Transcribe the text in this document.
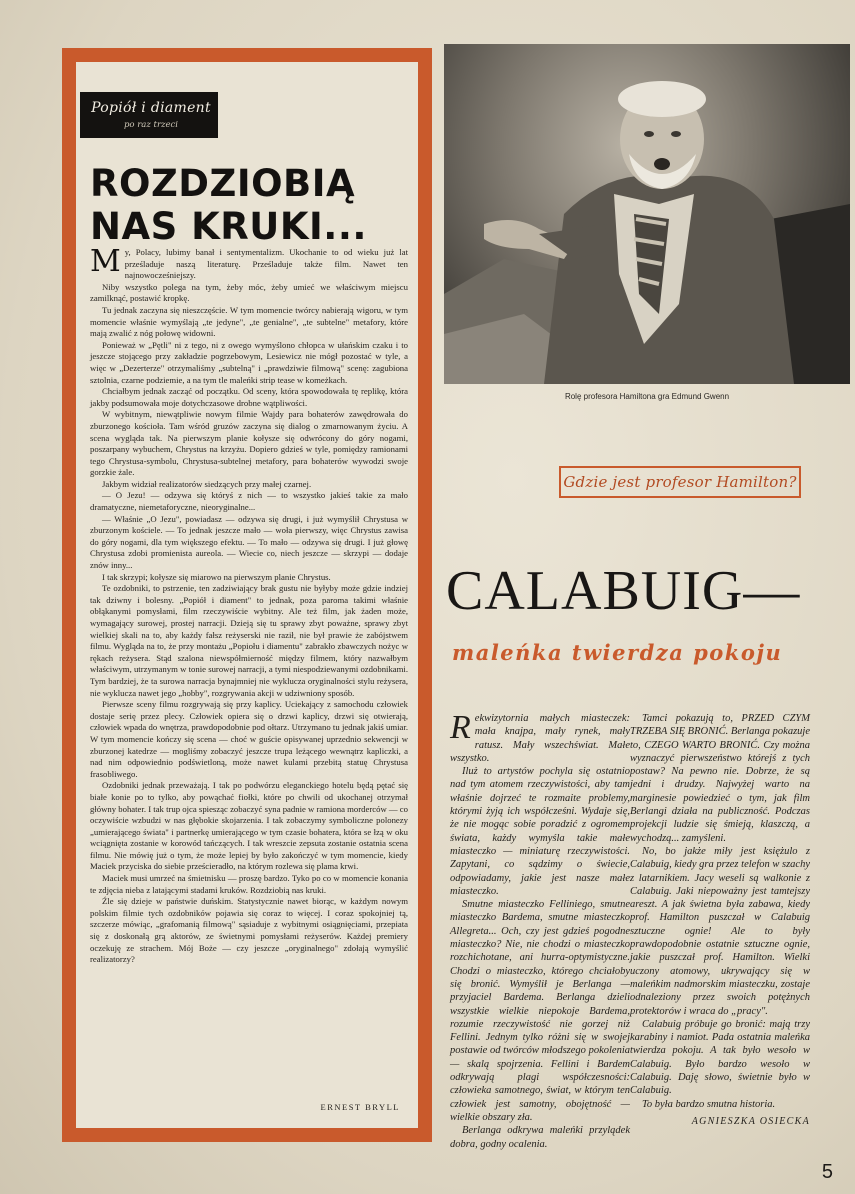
Popiół i diament
po raz trzeci
ROZDZIOBIĄ NAS KRUKI...

My, Polacy, lubimy banał i sentymentalizm. Ukochanie to od wieku już lat prześladuje naszą literaturę. Prześladuje także film. Nawet ten najnowocześniejszy.

Niby wszystko polega na tym, żeby móc, żeby umieć we właściwym miejscu zamilknąć, postawić kropkę.

Tu jednak zaczyna się nieszczęście. W tym momencie twórcy nabierają wigoru, w tym momencie właśnie wymyślają „te jedyne", „te genialne", „te subtelne" metafory, które mają zwalić z nóg połowę widowni.

Ponieważ w „Pętli" ni z tego, ni z owego wymyślono chłopca w ułańskim czaku i to jeszcze stojącego przy zakładzie pogrzebowym, Lesiewicz nie mógł pozostać w tyle, a więc w „Dezerterze" otrzymaliśmy „subtelną" i „prawdziwie filmową" scenę: zagubiona sztolnia, czarne podziemie, a na tym tle maleńki strip tease w komeżkach.

Chciałbym jednak zacząć od początku. Od sceny, która spowodowała tę replikę, która jakby podsumowała moje dotychczasowe drobne wątpliwości.

W wybitnym, niewątpliwie nowym filmie Wajdy para bohaterów zawędrowała do zburzonego kościoła. Tam wśród gruzów zaczyna się dialog o zmarnowanym życiu. A scena wygląda tak. Na pierwszym planie kołysze się odwrócony do góry nogami, poszarpany wybuchem, Chrystus na krzyżu. Dopiero gdzieś w tyle, pomiędzy ramionami tego Chrystusa-symbolu, Chrystusa-subtelnej metafory, para bohaterów wywodzi swoje gorzkie żale.

Jakbym widział realizatorów siedzących przy małej czarnej.

— O Jezu! — odzywa się któryś z nich — to wszystko jakieś takie za mało dramatyczne, niemetaforyczne, nieoryginalne...

— Właśnie „O Jezu", powiadasz — odzywa się drugi, i już wymyślił Chrystusa w zburzonym kościele. — To jednak jeszcze mało — woła pierwszy, więc Chrystus zawisa do góry nogami, dla tym większego efektu. — To mało — odzywa się drugi. I już głowę Chrystusa zdobi promienista aureola. — Wiecie co, niech jeszcze — skrzypi — dodaje znów inny...

I tak skrzypi; kołysze się miarowo na pierwszym planie Chrystus.

Te ozdobniki, to pstrzenie, ten zadziwiający brak gustu nie byłyby może gdzie indziej tak dziwny i bolesny. „Popiół i diament" to jednak, poza paroma takimi właśnie obłąkanymi pomysłami, film rzeczywiście wybitny. Ale też film, jak żaden może, wymagający surowej, prostej narracji. Dzieją się tu sprawy zbyt poważne, sprawy zbyt wielkiej skali na to, aby każdy fałsz reżyserski nie raził, nie był prawie że zabójstwem filmu. Wygląda na to, że przy montażu „Popiołu i diamentu" zabrakło zbawczych nożyc w rękach reżysera. Stąd szalona niewspółmierność między filmem, który nazwałbym właściwym, utrzymanym w tonie surowej narracji, a tymi niespodziewanymi ozdobnikami. Tym bardziej, że ta surowa narracja bynajmniej nie wyklucza oryginalności stylu reżysera, nie wyklucza nawet jego „hobby", rozgrywania akcji w udziwniony sposób.

Pierwsze sceny filmu rozgrywają się przy kaplicy. Uciekający z samochodu człowiek dostaje serię przez plecy. Człowiek opiera się o drzwi kaplicy, drzwi się otwierają, człowiek wpada do wnętrza, prawdopodobnie pod ołtarz. Utrzymano tu jednak jakiś umiar. W tym momencie kończy się scena — choć w guście opisywanej uprzednio sekwencji w zburzonej katedrze — mogliśmy zobaczyć jeszcze trupa leżącego wewnątrz kapliczki, a nad nim odpowiednio podświetloną, może nawet kulami przebitą statuę Chrystusa frasobliwego.

Ozdobniki jednak przeważają. I tak po podwórzu eleganckiego hotelu będą pętać się białe konie po to tylko, aby powąchać fiołki, które po chwili od ukochanej otrzymał główny bohater. I tak trup ojca spiesząc zobaczyć syna padnie w ramiona morderców — co oczywiście wzbudzi w nas głębokie skojarzenia. I tak zobaczymy symboliczne polonezy „umierającego świata" i partnerkę umierającego w tym czasie bohatera, która se łzą w oku wciągnięta zostanie w korowód tańczących. I tak wreszcie zepsuta zostanie ostatnia scena filmu. Nie mówię już o tym, że może lepiej by było zakończyć w tym momencie, kiedy Maciek przyciska do siebie prześcieradło, na którym rozlewa się plama krwi.

Maciek musi umrzeć na śmietnisku — proszę bardzo. Tyko po co w momencie konania te zdjęcia nieba z latającymi stadami kruków. Rozdziobią nas kruki.

Źle się dzieje w państwie duńskim. Statystycznie nawet biorąc, w każdym nowym polskim filmie tych ozdobników pojawia się coraz to więcej. I coraz spokojniej tą, szczerze mówiąc, „grafomanią filmową" sąsiaduje z wybitnymi osiągnięciami, przepiata się z doskonałą grą aktorów, ze świetnymi pomysłami reżyserów. Każdej premiery oczekuję ze strachem. Mój Boże — czy jeszcze „oryginalnego" zdołają wymyślić realizatorzy?

ERNEST BRYLL
Rolę profesora Hamiltona gra Edmund Gwenn
Gdzie jest profesor Hamilton?
CALABUIG—
maleńka twierdza pokoju

Rekwizytornia małych miasteczek: mała knajpa, mały rynek, mały ratusz. Mały wszechświat. Małe wszystko.

Iluż to artystów pochyla się ostatnio nad tym atomem rzeczywistości, aby tam właśnie dojrzeć te rozmaite problemy, którymi żyją ich współcześni. Wydaje się, że nie mogąc sobie poradzić z ogromem świata, każdy wymyśla takie małe miasteczko — miniaturę rzeczywistości. Zapytani, co sądzimy o świecie, odpowiadamy, jakie jest nasze małe miasteczko.

Smutne miasteczko Felliniego, smutne miasteczko Bardema, smutne miasteczko Allegreta... Och, czy jest gdzieś pogodne miasteczko? Nie, nie chodzi o miasteczko rozchichotane, ani hurra-optymistyczne. Chodzi o miasteczko, którego chciałoby się bronić. Wymyślił je Berlanga — przyjaciel Bardema. Berlanga dzieli wszystkie wielkie niepokoje Bardema, rozumie rzeczywistość nie gorzej niż Fellini. Jednym tylko różni się w swojej postawie od twórców młodszego pokolenia — skalą spojrzenia. Fellini i Bardem odkrywają plagi współczesności: człowieka samotnego, świat, w którym ten człowiek jest samotny, obojętność — wielkie obszary zła.

Berlanga odkrywa maleńki przylądek dobra, godny ocalenia.

Tamci pokazują to, PRZED CZYM TRZEBA SIĘ BRONIĆ. Berlanga pokazuje to, CZEGO WARTO BRONIĆ. Czy można wyznaczyć pierwszeństwo którejś z tych postaw? Na pewno nie. Dobrze, że są jedni i drudzy. Najwyżej warto na marginesie powiedzieć o tym, jak film Berlangi działa na publiczność. Podczas projekcji ludzie się śmieją, klaszczą, a wychodzą... zamyśleni.

No, bo jakże miły jest księżulo z Calabuig, kiedy gra przez telefon w szachy z latarnikiem. Jacy weseli są walkonie z Calabuig. Jaki niepoważny jest tamtejszy areszt. A jak świetna była zabawa, kiedy prof. Hamilton puszczał w Calabuig sztuczne ognie! Ale to były prawdopodobnie ostatnie sztuczne ognie, jakie puszczał prof. Hamilton. Wielki uczony atomowy, ukrywający się w maleńkim nadmorskim miasteczku, zostaje odnaleziony przez swoich potężnych protektorów i wraca do „pracy".

Calabuig próbuje go bronić: mają trzy karabiny i namiot. Pada ostatnia maleńka twierdza pokoju. A tak było wesoło w Calabuig. Było bardzo wesoło w Calabuig. Daję słowo, świetnie było w Calabuig.

To była bardzo smutna historia.

AGNIESZKA OSIECKA

5
